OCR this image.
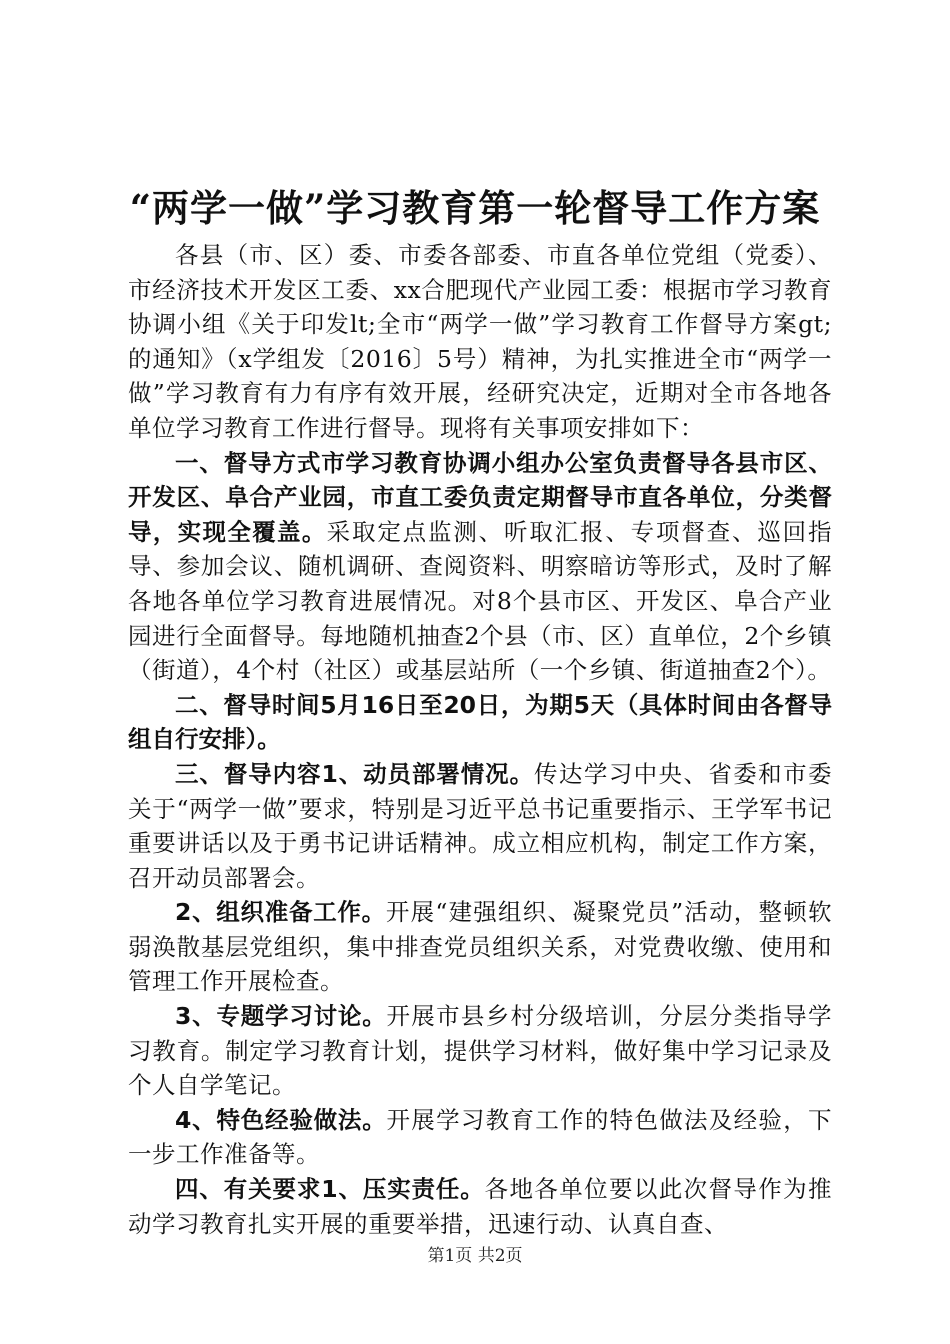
“两学一做”学习教育第一轮督导工作方案

各县（市、区）委、市委各部委、市直各单位党组（党委）、市经济技术开发区工委、xx合肥现代产业园工委：根据市学习教育协调小组《关于印发lt;全市“两学一做”学习教育工作督导方案gt;的通知》（x学组发〔2016〕5号）精神，为扎实推进全市“两学一做”学习教育有力有序有效开展，经研究决定，近期对全市各地各单位学习教育工作进行督导。现将有关事项安排如下：

一、督导方式市学习教育协调小组办公室负责督导各县市区、开发区、阜合产业园，市直工委负责定期督导市直各单位，分类督导，实现全覆盖。采取定点监测、听取汇报、专项督查、巡回指导、参加会议、随机调研、查阅资料、明察暗访等形式，及时了解各地各单位学习教育进展情况。对8个县市区、开发区、阜合产业园进行全面督导。每地随机抽查2个县（市、区）直单位，2个乡镇（街道），4个村（社区）或基层站所（一个乡镇、街道抽查2个）。

二、督导时间5月16日至20日，为期5天（具体时间由各督导组自行安排）。

三、督导内容1、动员部署情况。传达学习中央、省委和市委关于“两学一做”要求，特别是习近平总书记重要指示、王学军书记重要讲话以及于勇书记讲话精神。成立相应机构，制定工作方案，召开动员部署会。

2、组织准备工作。开展“建强组织、凝聚党员”活动，整顿软弱涣散基层党组织，集中排查党员组织关系，对党费收缴、使用和管理工作开展检查。

3、专题学习讨论。开展市县乡村分级培训，分层分类指导学习教育。制定学习教育计划，提供学习材料，做好集中学习记录及个人自学笔记。

4、特色经验做法。开展学习教育工作的特色做法及经验，下一步工作准备等。

四、有关要求1、压实责任。各地各单位要以此次督导作为推动学习教育扎实开展的重要举措，迅速行动、认真自查、

第1页 共2页
